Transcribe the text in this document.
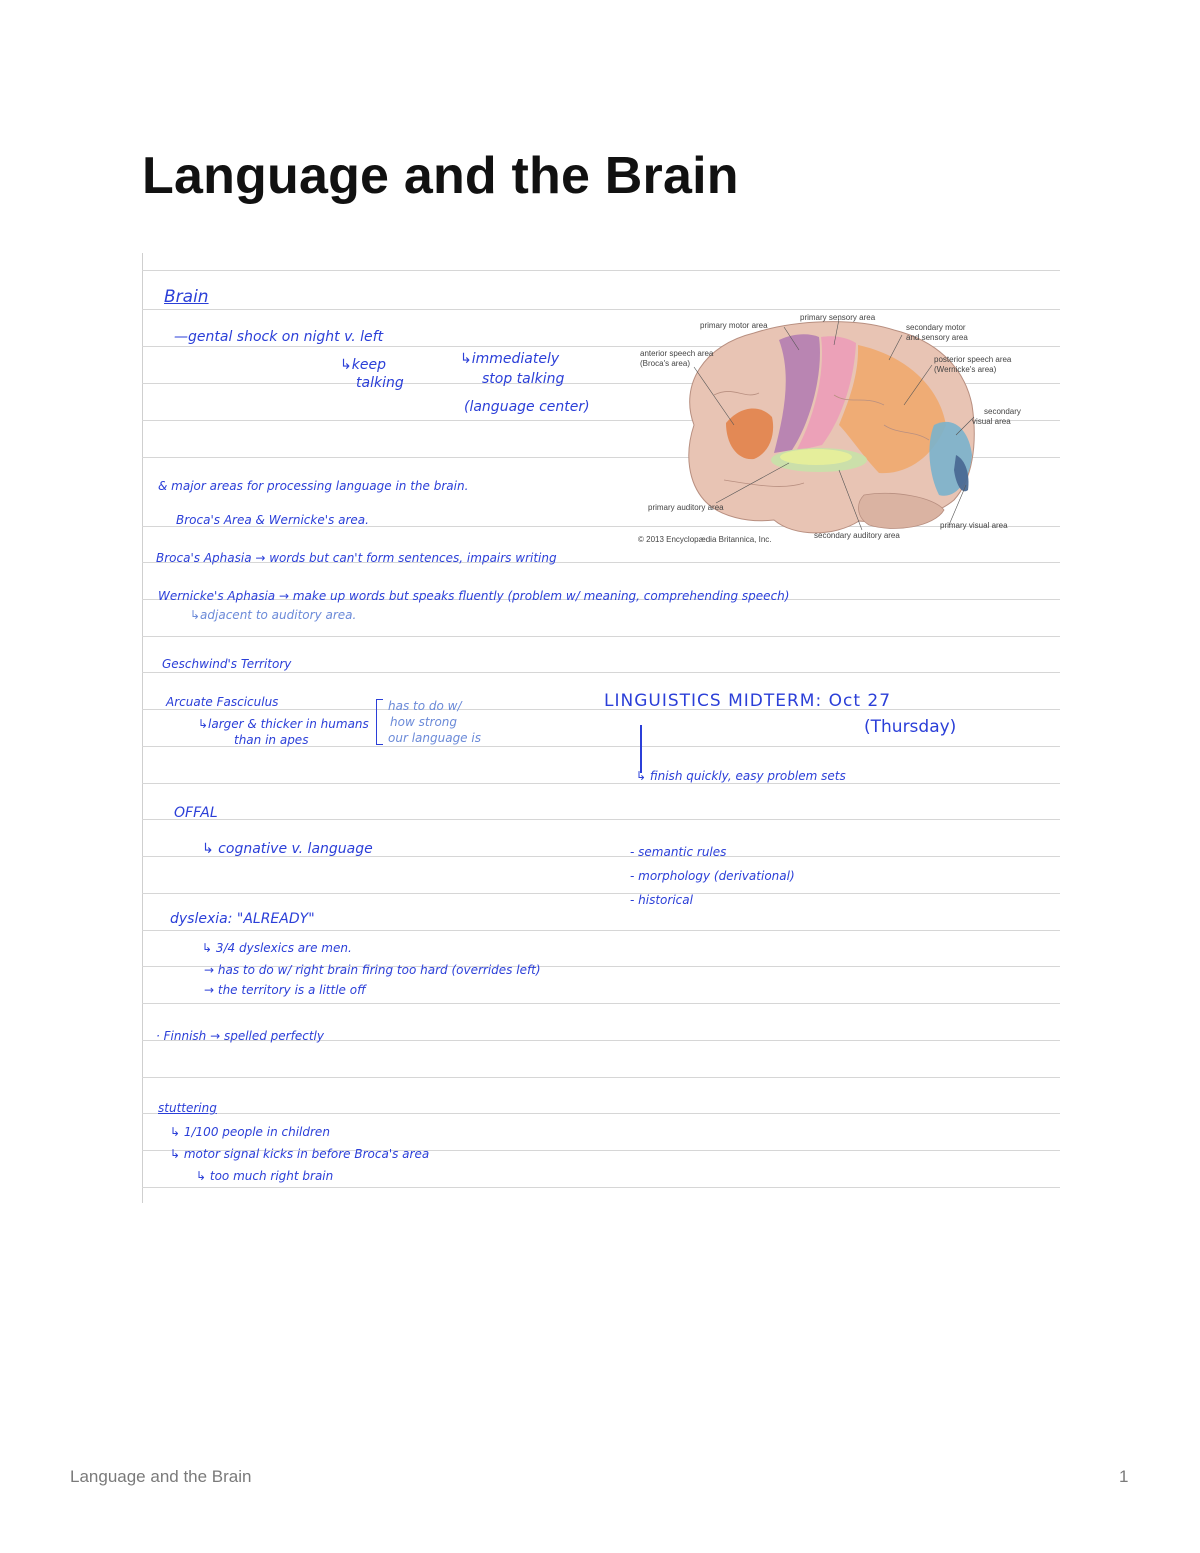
Language and the Brain
Brain
—gental shock on night v. left
↳keep
talking
↳immediately
stop talking
(language center)
& major areas for processing language in the brain.
Broca's Area & Wernicke's area.
Broca's Aphasia → words but can't form sentences, impairs writing
Wernicke's Aphasia → make up words but speaks fluently (problem w/ meaning, comprehending speech)
↳adjacent to auditory area.
Geschwind's Territory
Arcuate Fasciculus
↳larger & thicker in humans
than in apes
has to do w/
how strong
our language is
LINGUISTICS MIDTERM: Oct 27
(Thursday)
↳ finish quickly, easy problem sets
OFFAL
↳ cognative v. language	- semantic rules
- morphology (derivational)
- historical
dyslexia: "ALREADY"
↳ 3/4 dyslexics are men.
→ has to do w/ right brain firing too hard (overrides left)
→ the territory is a little off
· Finnish → spelled perfectly
stuttering
↳ 1/100 people in children
↳ motor signal kicks in before Broca's area
↳ too much right brain
primary motor area
primary sensory area
secondary motor
and sensory area
anterior speech area
(Broca's area)	posterior speech area
(Wernicke's area)
secondary
visual area
primary auditory area
primary visual area
secondary auditory area
© 2013 Encyclopædia Britannica, Inc.
Language and the Brain	1
